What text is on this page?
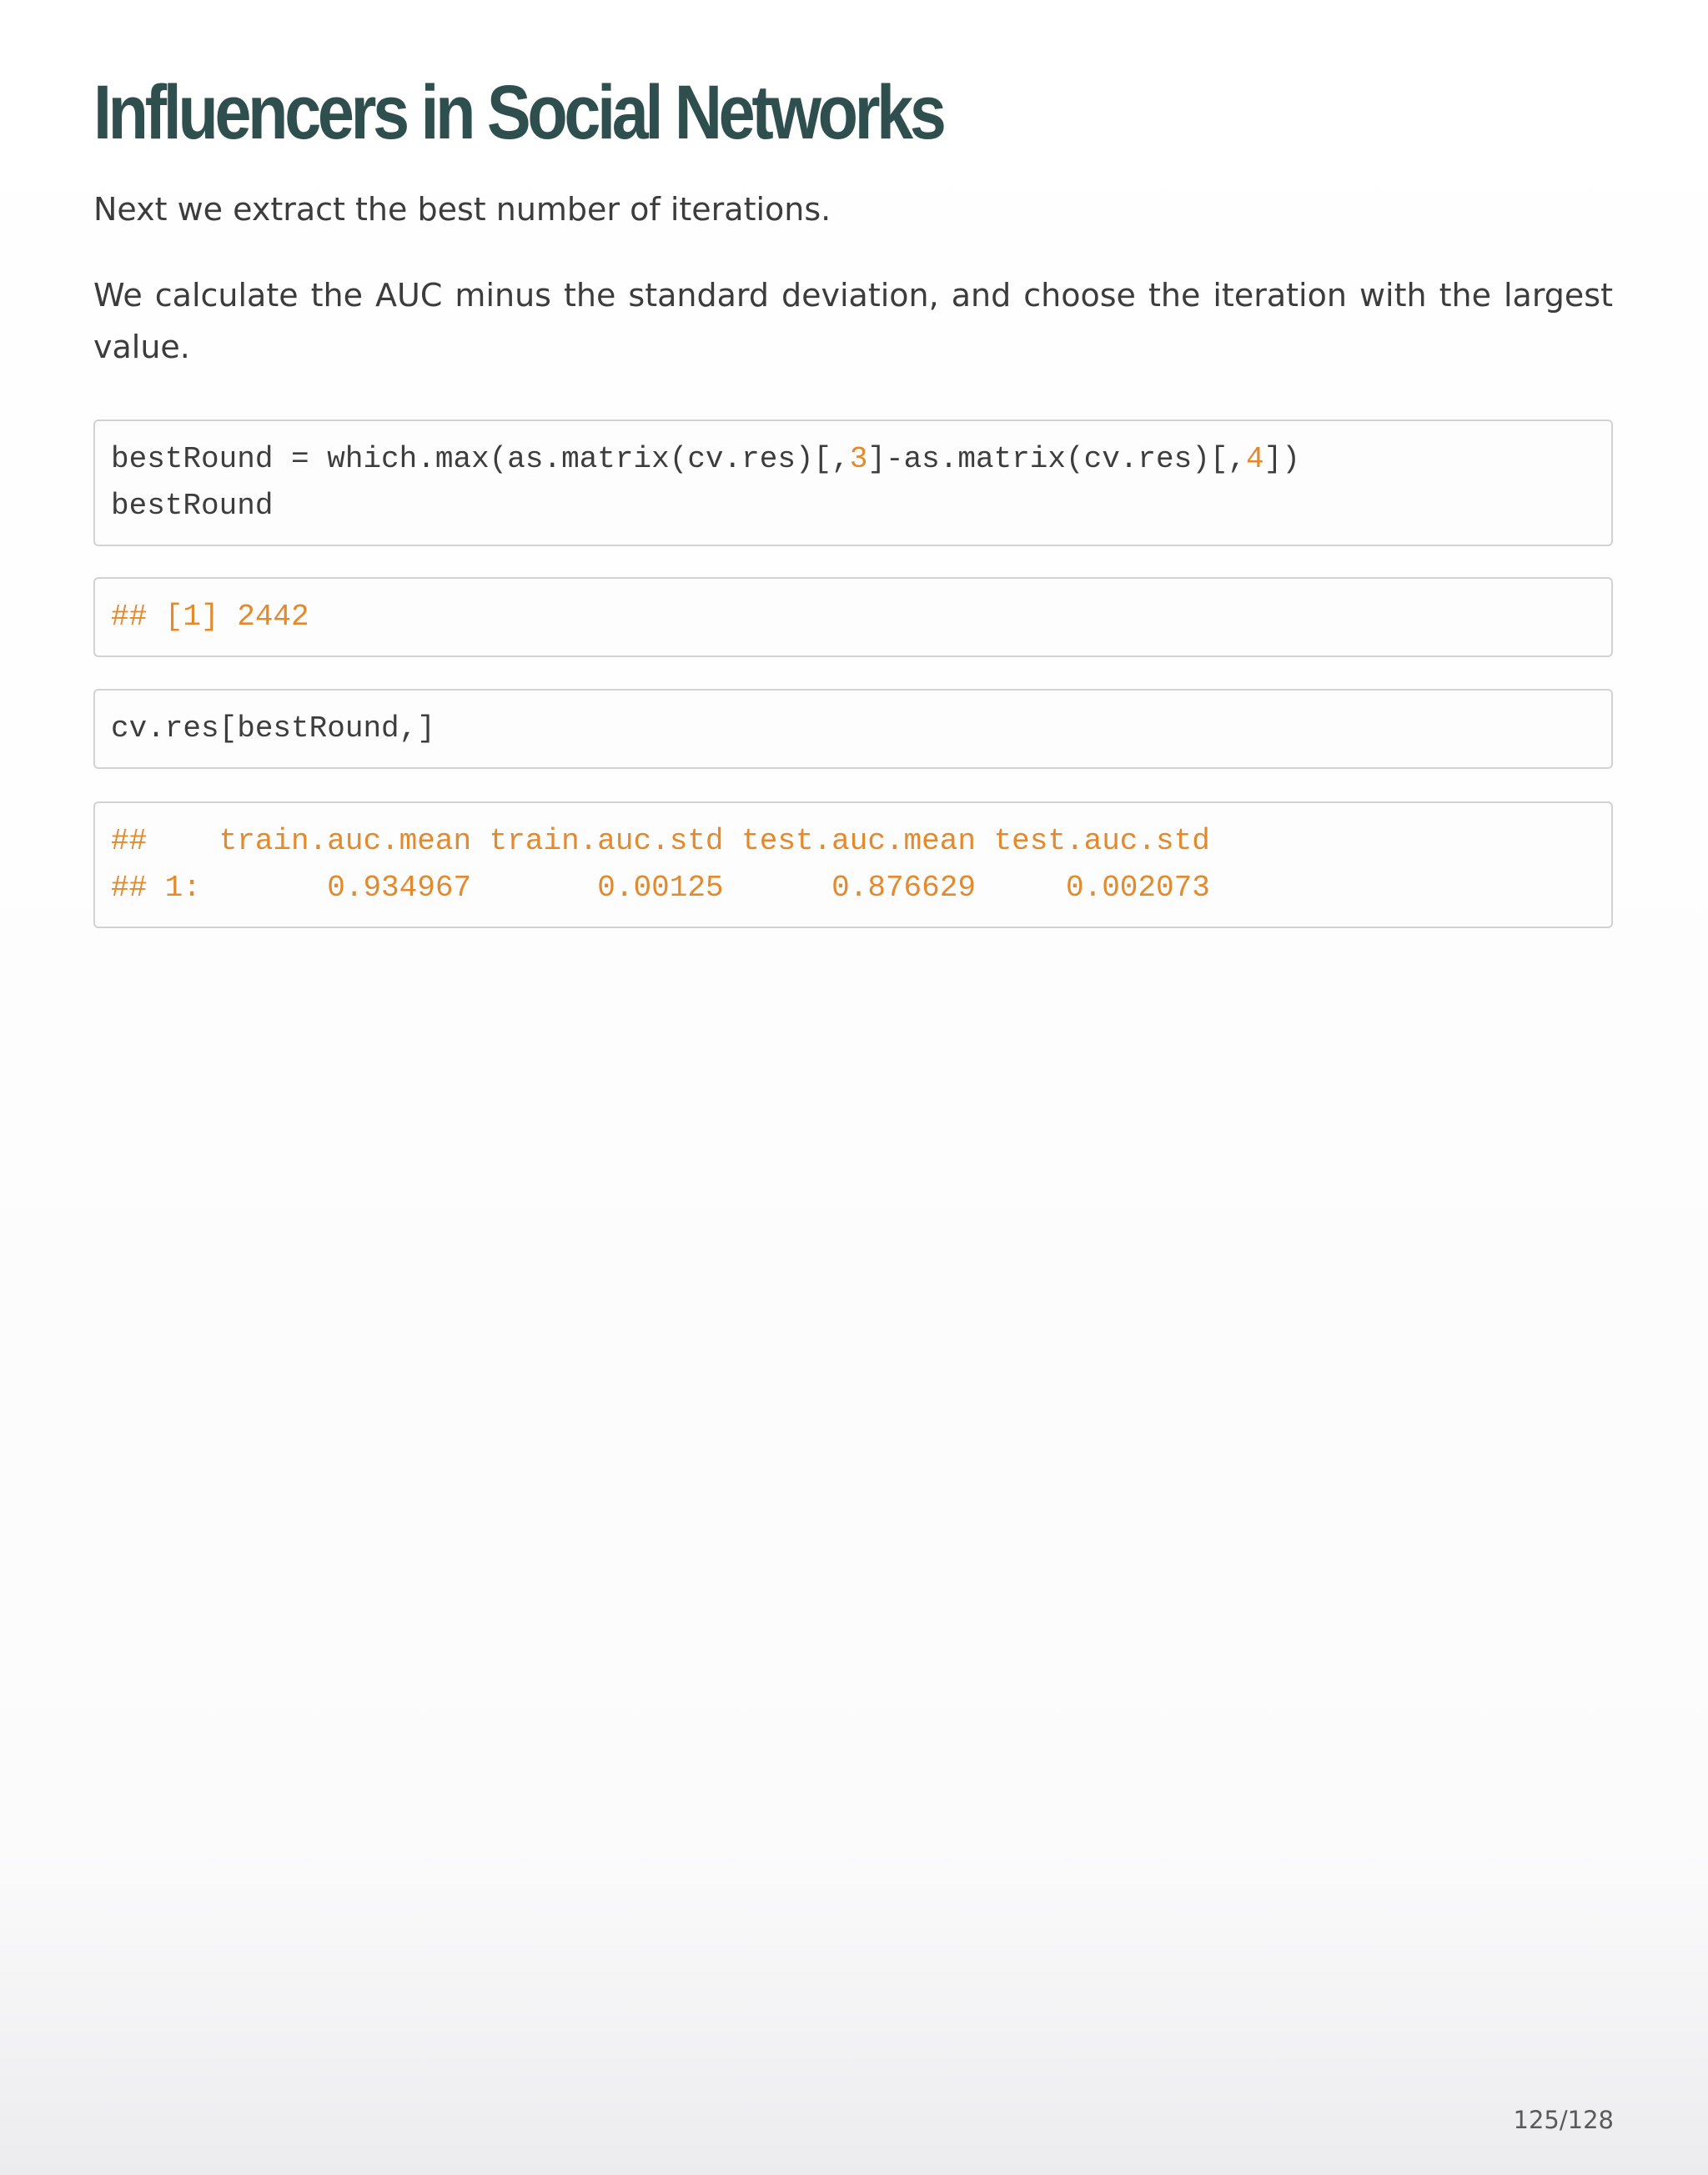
Influencers in Social Networks

Next we extract the best number of iterations.

We calculate the AUC minus the standard deviation, and choose the iteration with the largest value.

bestRound = which.max(as.matrix(cv.res)[,3]-as.matrix(cv.res)[,4])
bestRound
## [1] 2442
cv.res[bestRound,]
##    train.auc.mean train.auc.std test.auc.mean test.auc.std
## 1:       0.934967       0.00125      0.876629     0.002073
125/128
